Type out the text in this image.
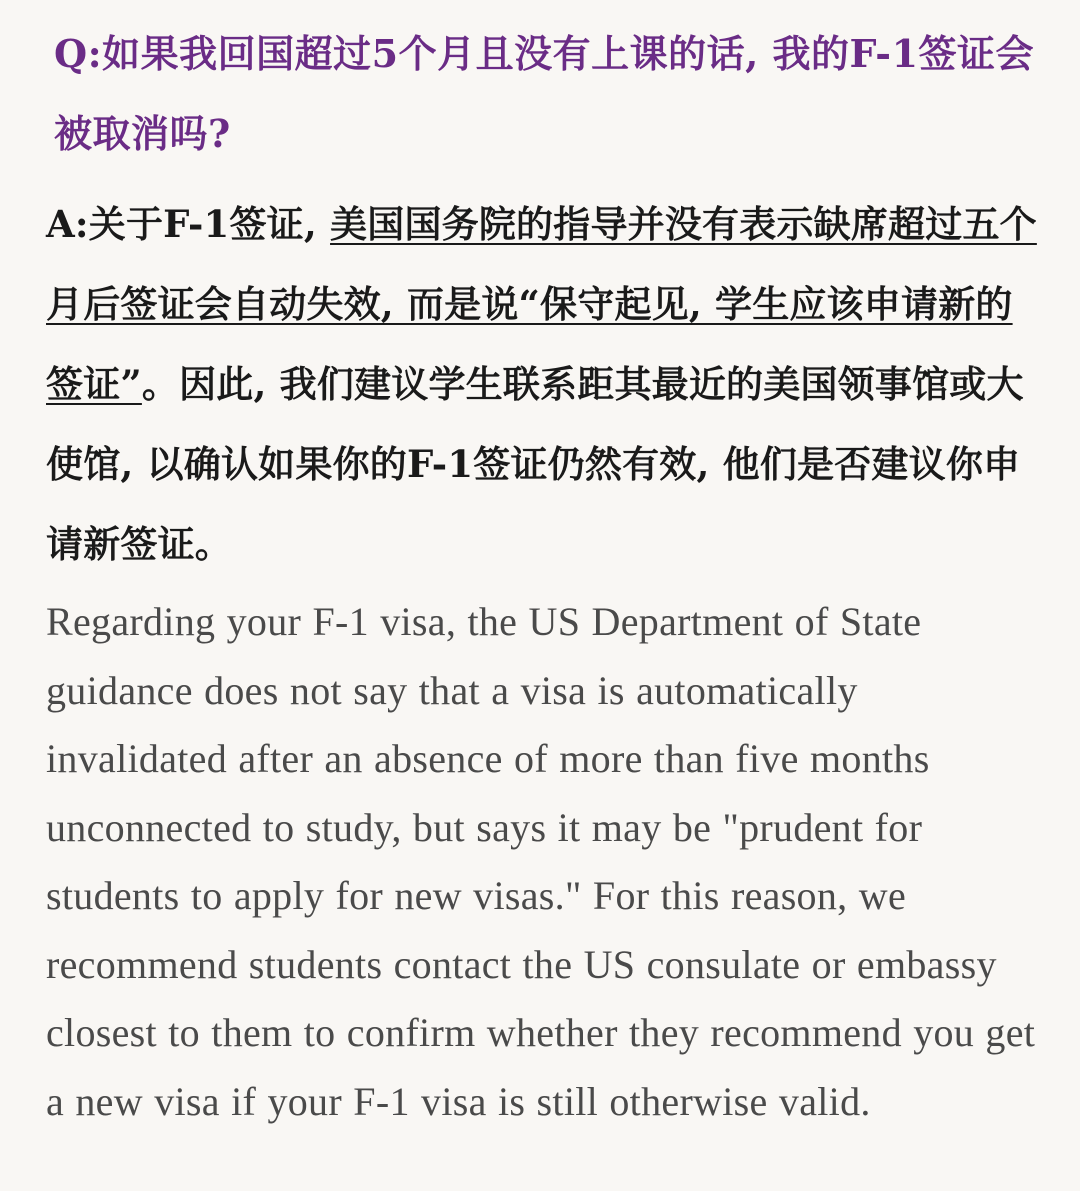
Q:如果我回国超过5个月且没有上课的话, 我的F-1签证会被取消吗?

A:关于F-1签证, 美国国务院的指导并没有表示缺席超过五个月后签证会自动失效, 而是说“保守起见, 学生应该申请新的签证”。因此, 我们建议学生联系距其最近的美国领事馆或大使馆, 以确认如果你的F-1签证仍然有效, 他们是否建议你申请新签证。

Regarding your F-1 visa, the US Department of State guidance does not say that a visa is automatically invalidated after an absence of more than five months unconnected to study, but says it may be "prudent for students to apply for new visas." For this reason, we recommend students contact the US consulate or embassy closest to them to confirm whether they recommend you get a new visa if your F-1 visa is still otherwise valid.
